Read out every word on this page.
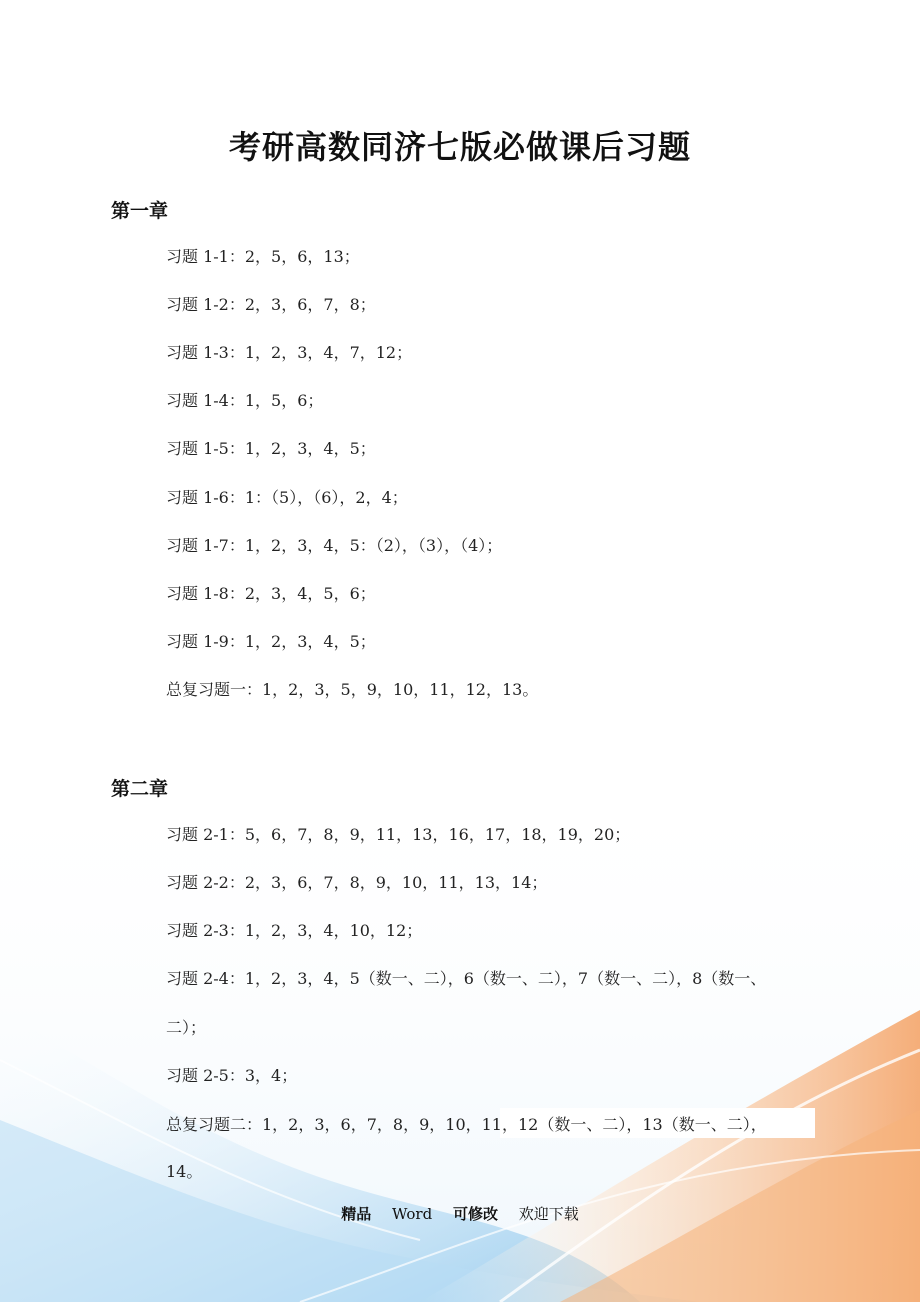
考研高数同济七版必做课后习题
第一章
习题 1-1：2，5，6，13；
习题 1-2：2，3，6，7，8；
习题 1-3：1，2，3，4，7，12；
习题 1-4：1，5，6；
习题 1-5：1，2，3，4，5；
习题 1-6：1：（5），（6），2，4；
习题 1-7：1，2，3，4，5：（2），（3），（4）；
习题 1-8：2，3，4，5，6；
习题 1-9：1，2，3，4，5；
总复习题一：1，2，3，5，9，10，11，12，13。
第二章
习题 2-1：5，6，7，8，9，11，13，16，17，18，19，20；
习题 2-2：2，3，6，7，8，9，10，11，13，14；
习题 2-3：1，2，3，4，10，12；
习题 2-4：1，2，3，4，5（数一、二），6（数一、二），7（数一、二），8（数一、
二）；
习题 2-5：3，4；
总复习题二：1，2，3，6，7，8，9，10，11，12（数一、二），13（数一、二），
14。
精品 Word 可修改 欢迎下载
